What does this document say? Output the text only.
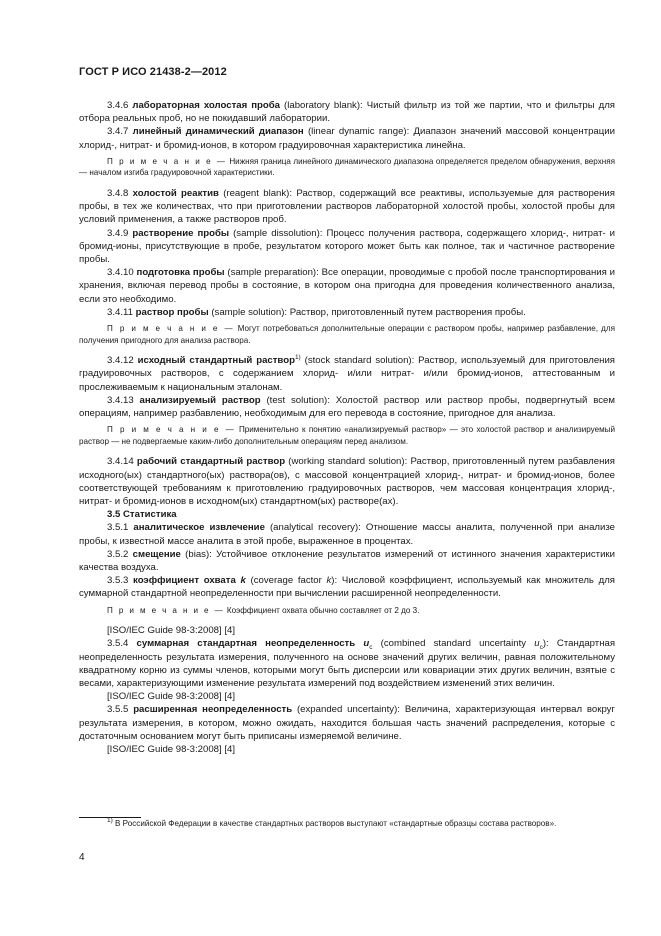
ГОСТ Р ИСО 21438-2—2012

3.4.6 лабораторная холостая проба (laboratory blank): Чистый фильтр из той же партии, что и фильтры для отбора реальных проб, но не покидавший лаборатории.

3.4.7 линейный динамический диапазон (linear dynamic range): Диапазон значений массовой концентрации хлорид-, нитрат- и бромид-ионов, в котором градуировочная характеристика линейна.

П р и м е ч а н и е — Нижняя граница линейного динамического диапазона определяется пределом обнаружения, верхняя — началом изгиба градуировочной характеристики.

3.4.8 холостой реактив (reagent blank): Раствор, содержащий все реактивы, используемые для растворения пробы, в тех же количествах, что при приготовлении растворов лабораторной холостой пробы, холостой пробы для условий применения, а также растворов проб.

3.4.9 растворение пробы (sample dissolution): Процесс получения раствора, содержащего хлорид-, нитрат- и бромид-ионы, присутствующие в пробе, результатом которого может быть как полное, так и частичное растворение пробы.

3.4.10 подготовка пробы (sample preparation): Все операции, проводимые с пробой после транспортирования и хранения, включая перевод пробы в состояние, в котором она пригодна для проведения количественного анализа, если это необходимо.

3.4.11 раствор пробы (sample solution): Раствор, приготовленный путем растворения пробы.

П р и м е ч а н и е — Могут потребоваться дополнительные операции с раствором пробы, например разбавление, для получения пригодного для анализа раствора.

3.4.12 исходный стандартный раствор$^{1)}$ (stock standard solution): Раствор, используемый для приготовления градуировочных растворов, с содержанием хлорид- и/или нитрат- и/или бромид-ионов, аттестованным и прослеживаемым к национальным эталонам.

3.4.13 анализируемый раствор (test solution): Холостой раствор или раствор пробы, подвергнутый всем операциям, например разбавлению, необходимым для его перевода в состояние, пригодное для анализа.

П р и м е ч а н и е — Применительно к понятию «анализируемый раствор» — это холостой раствор и анализируемый раствор — не подвергаемые каким-либо дополнительным операциям перед анализом.

3.4.14 рабочий стандартный раствор (working standard solution): Раствор, приготовленный путем разбавления исходного(ых) стандартного(ых) раствора(ов), с массовой концентрацией хлорид-, нитрат- и бромид-ионов, более соответствующей требованиям к приготовлению градуировочных растворов, чем массовая концентрация хлорид-, нитрат- и бромид-ионов в исходном(ых) стандартном(ых) растворе(ах).

3.5 Статистика

3.5.1 аналитическое извлечение (analytical recovery): Отношение массы аналита, полученной при анализе пробы, к известной массе аналита в этой пробе, выраженное в процентах.

3.5.2 смещение (bias): Устойчивое отклонение результатов измерений от истинного значения характеристики качества воздуха.

3.5.3 коэффициент охвата k (coverage factor k): Числовой коэффициент, используемый как множитель для суммарной стандартной неопределенности при вычислении расширенной неопределенности.

П р и м е ч а н и е — Коэффициент охвата обычно составляет от 2 до 3.

[ISO/IEC Guide 98-3:2008] [4]

3.5.4 суммарная стандартная неопределенность $u_c$ (combined standard uncertainty $u_c$): Стандартная неопределенность результата измерения, полученного на основе значений других величин, равная положительному квадратному корню из суммы членов, которыми могут быть дисперсии или ковариации этих других величин, взятые с весами, характеризующими изменение результата измерений под воздействием изменений этих величин.

[ISO/IEC Guide 98-3:2008] [4]

3.5.5 расширенная неопределенность (expanded uncertainty): Величина, характеризующая интервал вокруг результата измерения, в котором, можно ожидать, находится большая часть значений распределения, которые с достаточным основанием могут быть приписаны измеряемой величине.

[ISO/IEC Guide 98-3:2008] [4]

$^{1)}$ В Российской Федерации в качестве стандартных растворов выступают «стандартные образцы состава растворов».
4
